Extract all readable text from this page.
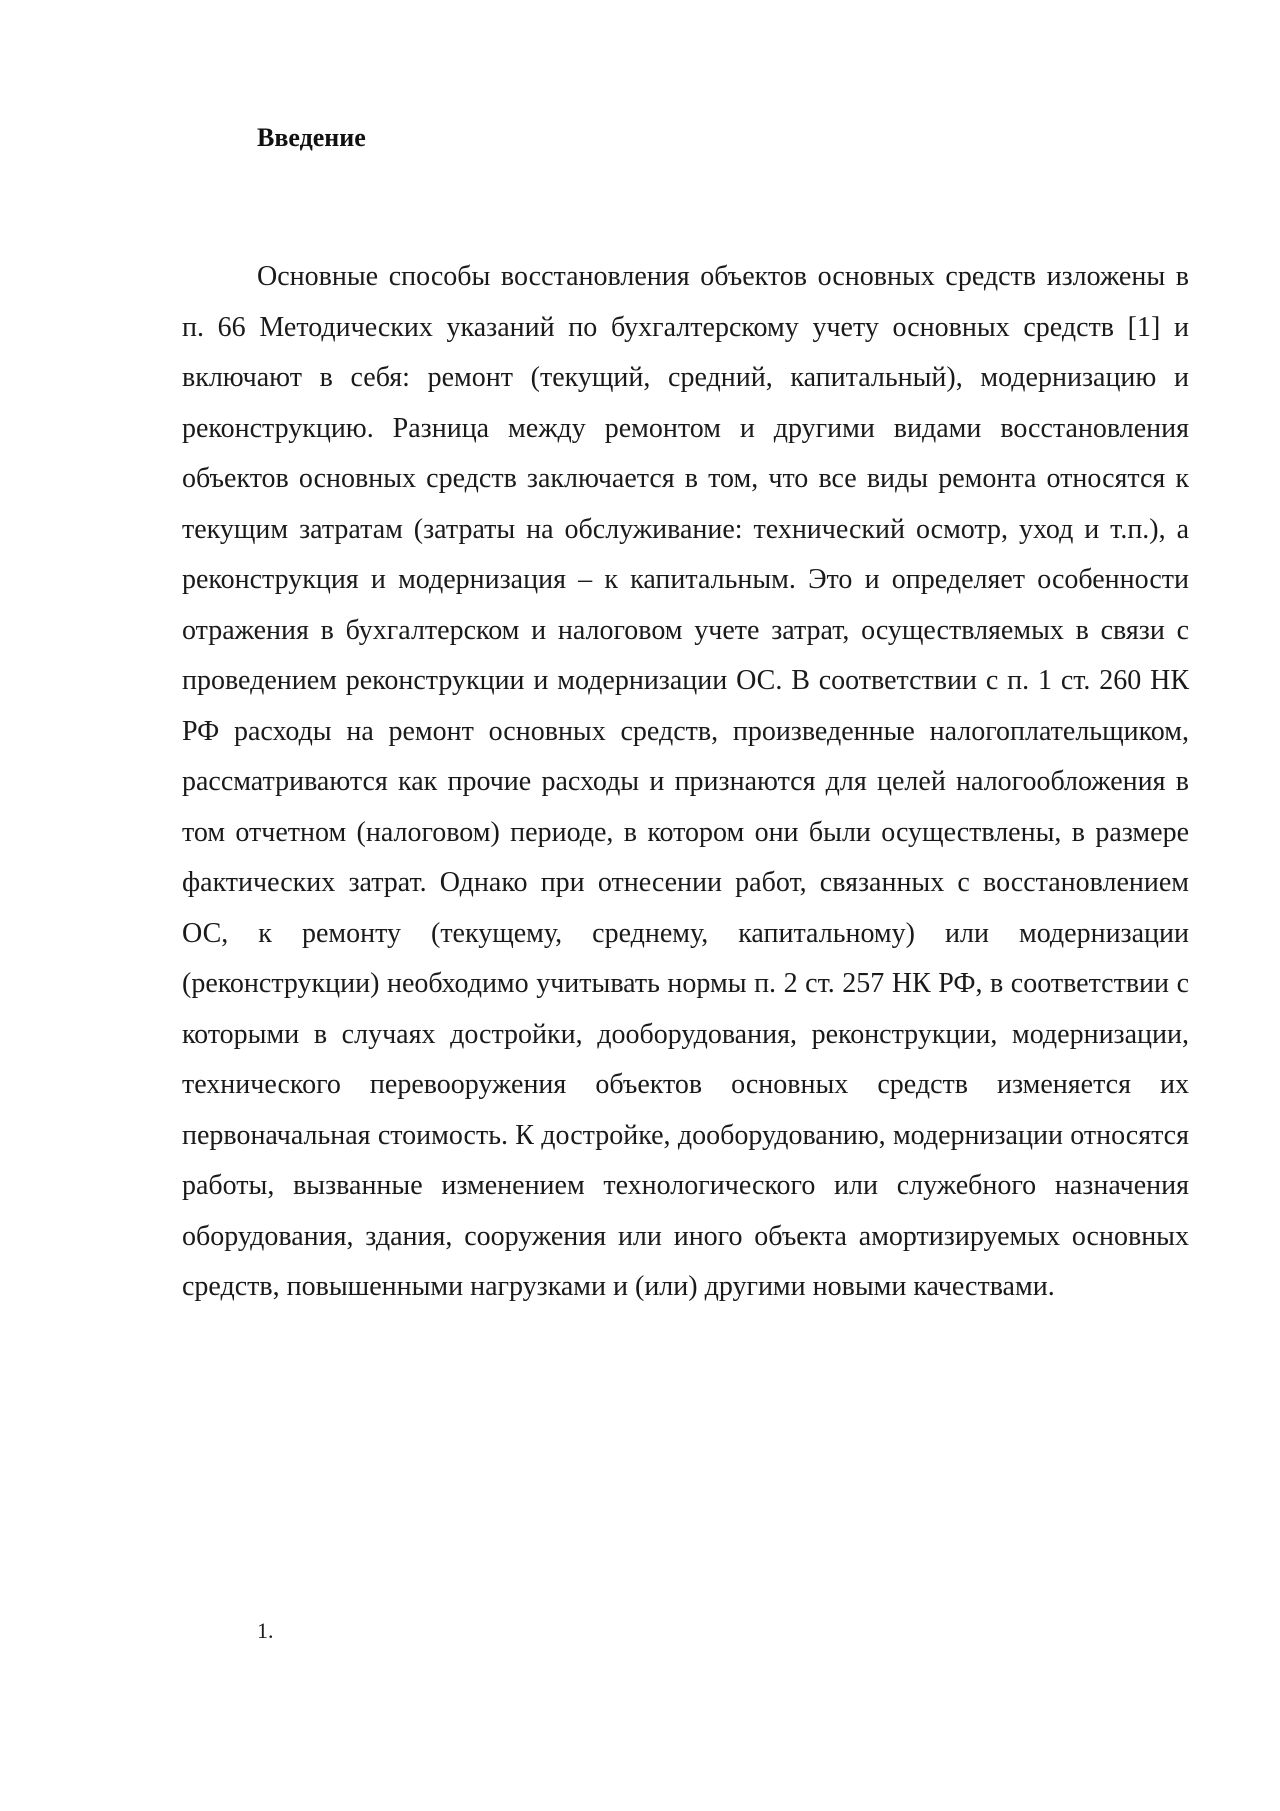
Введение

Основные способы восстановления объектов основных средств изложены в п. 66 Методических указаний по бухгалтерскому учету основных средств [1] и включают в себя: ремонт (текущий, средний, капитальный), модернизацию и реконструкцию. Разница между ремонтом и другими видами восстановления объектов основных средств заключается в том, что все виды ремонта относятся к текущим затратам (затраты на обслуживание: технический осмотр, уход и т.п.), а реконструкция и модернизация – к капитальным. Это и определяет особенности отражения в бухгалтерском и налоговом учете затрат, осуществляемых в связи с проведением реконструкции и модернизации ОС. В соответствии с п. 1 ст. 260 НК РФ расходы на ремонт основных средств, произведенные налогоплательщиком, рассматриваются как прочие расходы и признаются для целей налогообложения в том отчетном (налоговом) периоде, в котором они были осуществлены, в размере фактических затрат. Однако при отнесении работ, связанных с восстановлением ОС, к ремонту (текущему, среднему, капитальному) или модернизации (реконструкции) необходимо учитывать нормы п. 2 ст. 257 НК РФ, в соответствии с которыми в случаях достройки, дооборудования, реконструкции, модернизации, технического перевооружения объектов основных средств изменяется их первоначальная стоимость. К достройке, дооборудованию, модернизации относятся работы, вызванные изменением технологического или служебного назначения оборудования, здания, сооружения или иного объекта амортизируемых основных средств, повышенными нагрузками и (или) другими новыми качествами.

1.
